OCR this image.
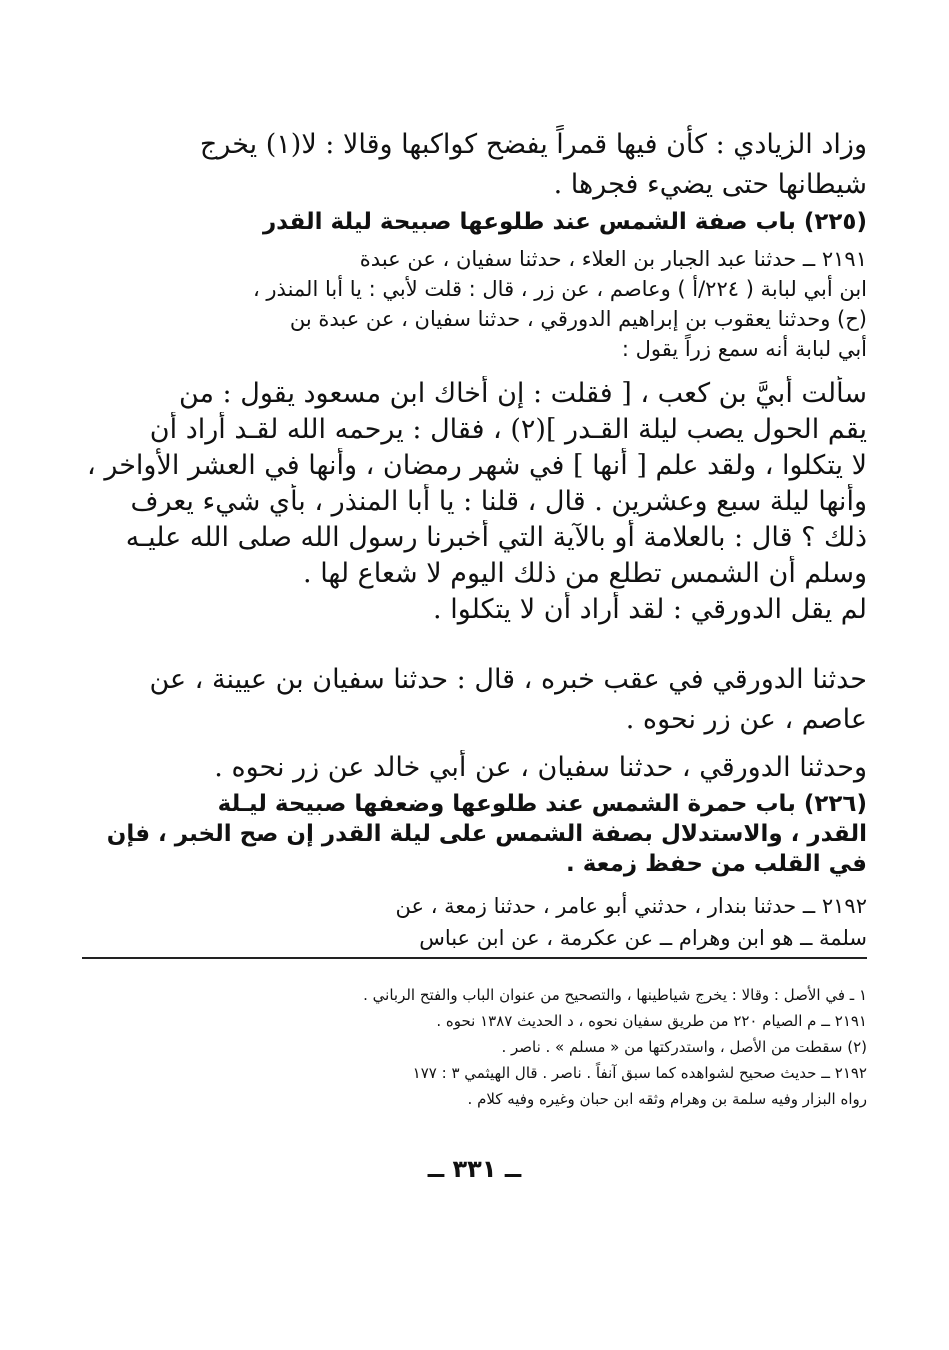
وزاد الزيادي : كأن فيها قمراً يفضح كواكبها وقالا : لا(١) يخرج
شيطانها حتى يضيء فجرها .
(٢٢٥) باب صفة الشمس عند طلوعها صبيحة ليلة القدر
٢١٩١ ــ حدثنا عبد الجبار بن العلاء ، حدثنا سفيان ، عن عبدة
ابن أبي لبابة ( ٢٢٤/أ ) وعاصم ، عن زر ، قال : قلت لأبي : يا أبا المنذر ،
(ح) وحدثنا يعقوب بن إبراهيم الدورقي ، حدثنا سفيان ، عن عبدة بن
أبي لبابة أنه سمع زراً يقول :
سألت أبيَّ بن كعب ، [ فقلت : إن أخاك ابن مسعود يقول : من
يقم الحول يصب ليلة القـدر ](٢) ، فقال : يرحمه الله لقـد أراد أن
لا يتكلوا ، ولقد علم [ أنها ] في شهر رمضان ، وأنها في العشر الأواخر ،
وأنها ليلة سبع وعشرين . قال ، قلنا : يا أبا المنذر ، بأي شيء يعرف
ذلك ؟ قال : بالعلامة أو بالآية التي أخبرنا رسول الله صلى الله عليـه
وسلم أن الشمس تطلع من ذلك اليوم لا شعاع لها .
لم يقل الدورقي : لقد أراد أن لا يتكلوا .
حدثنا الدورقي في عقب خبره ، قال : حدثنا سفيان بن عيينة ، عن
عاصم ، عن زر نحوه .
وحدثنا الدورقي ، حدثنا سفيان ، عن أبي خالد عن زر نحوه .
(٢٢٦) باب حمرة الشمس عند طلوعها وضعفها صبيحة ليـلة
القدر ، والاستدلال بصفة الشمس على ليلة القدر إن صح الخبر ، فإن
في القلب من حفظ زمعة .
٢١٩٢ ــ حدثنا بندار ، حدثني أبو عامر ، حدثنا زمعة ، عن
سلمة ــ هو ابن وهرام ــ عن عكرمة ، عن ابن عباس
١ ـ في الأصل : وقالا : يخرج شياطينها ، والتصحيح من عنوان الباب والفتح الرباني .
٢١٩١ ــ م الصيام ٢٢٠ من طريق سفيان نحوه ، د الحديث ١٣٨٧ نحوه .
(٢) سقطت من الأصل ، واستدركتها من « مسلم » . ناصر .
٢١٩٢ ــ حديث صحيح لشواهده كما سبق آنفاً . ناصر . قال الهيثمي ٣ : ١٧٧
رواه البزار وفيه سلمة بن وهرام وثقه ابن حبان وغيره وفيه كلام .
ــ ٣٣١ ــ
